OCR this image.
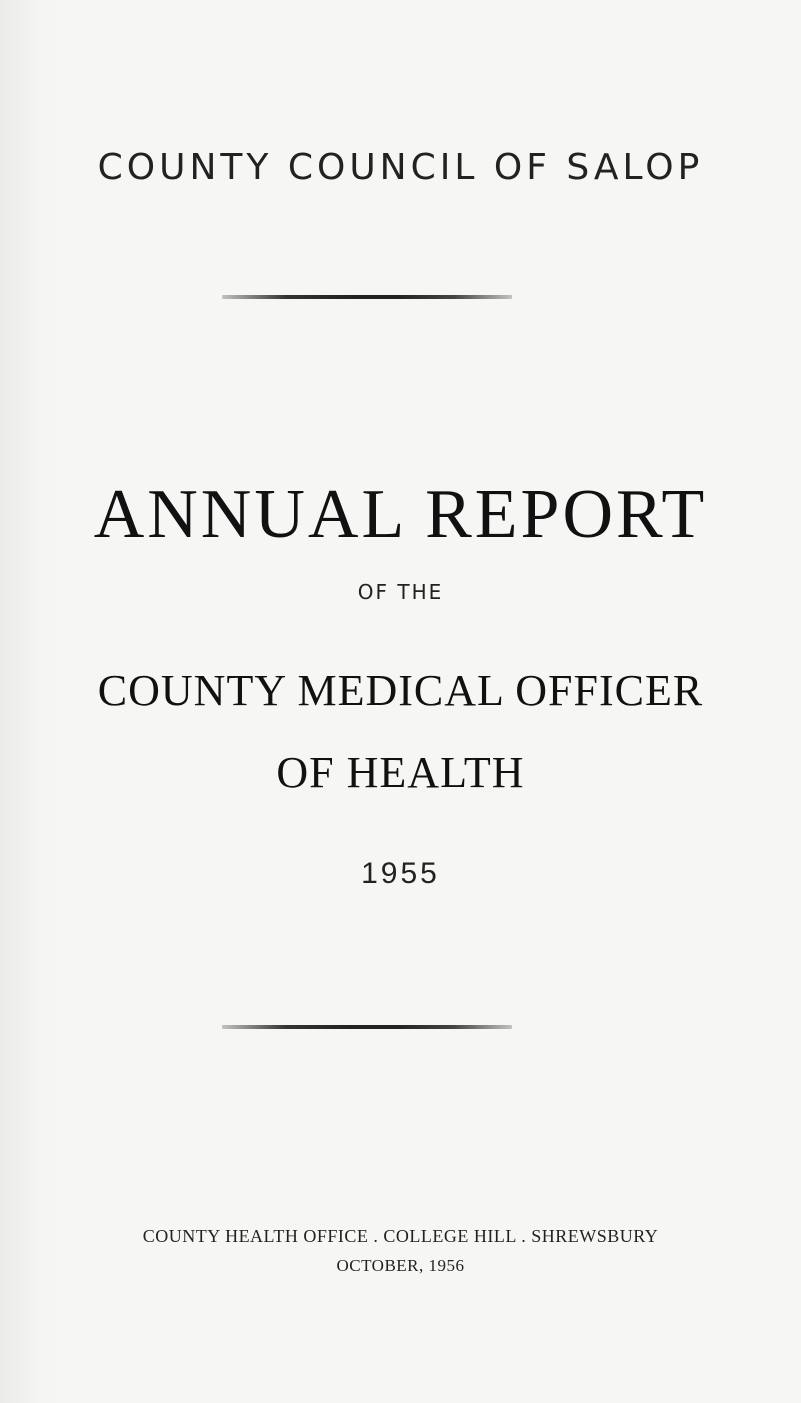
COUNTY COUNCIL OF SALOP
ANNUAL REPORT
OF THE
COUNTY MEDICAL OFFICER
OF HEALTH
1955
COUNTY HEALTH OFFICE . COLLEGE HILL . SHREWSBURY
OCTOBER, 1956
